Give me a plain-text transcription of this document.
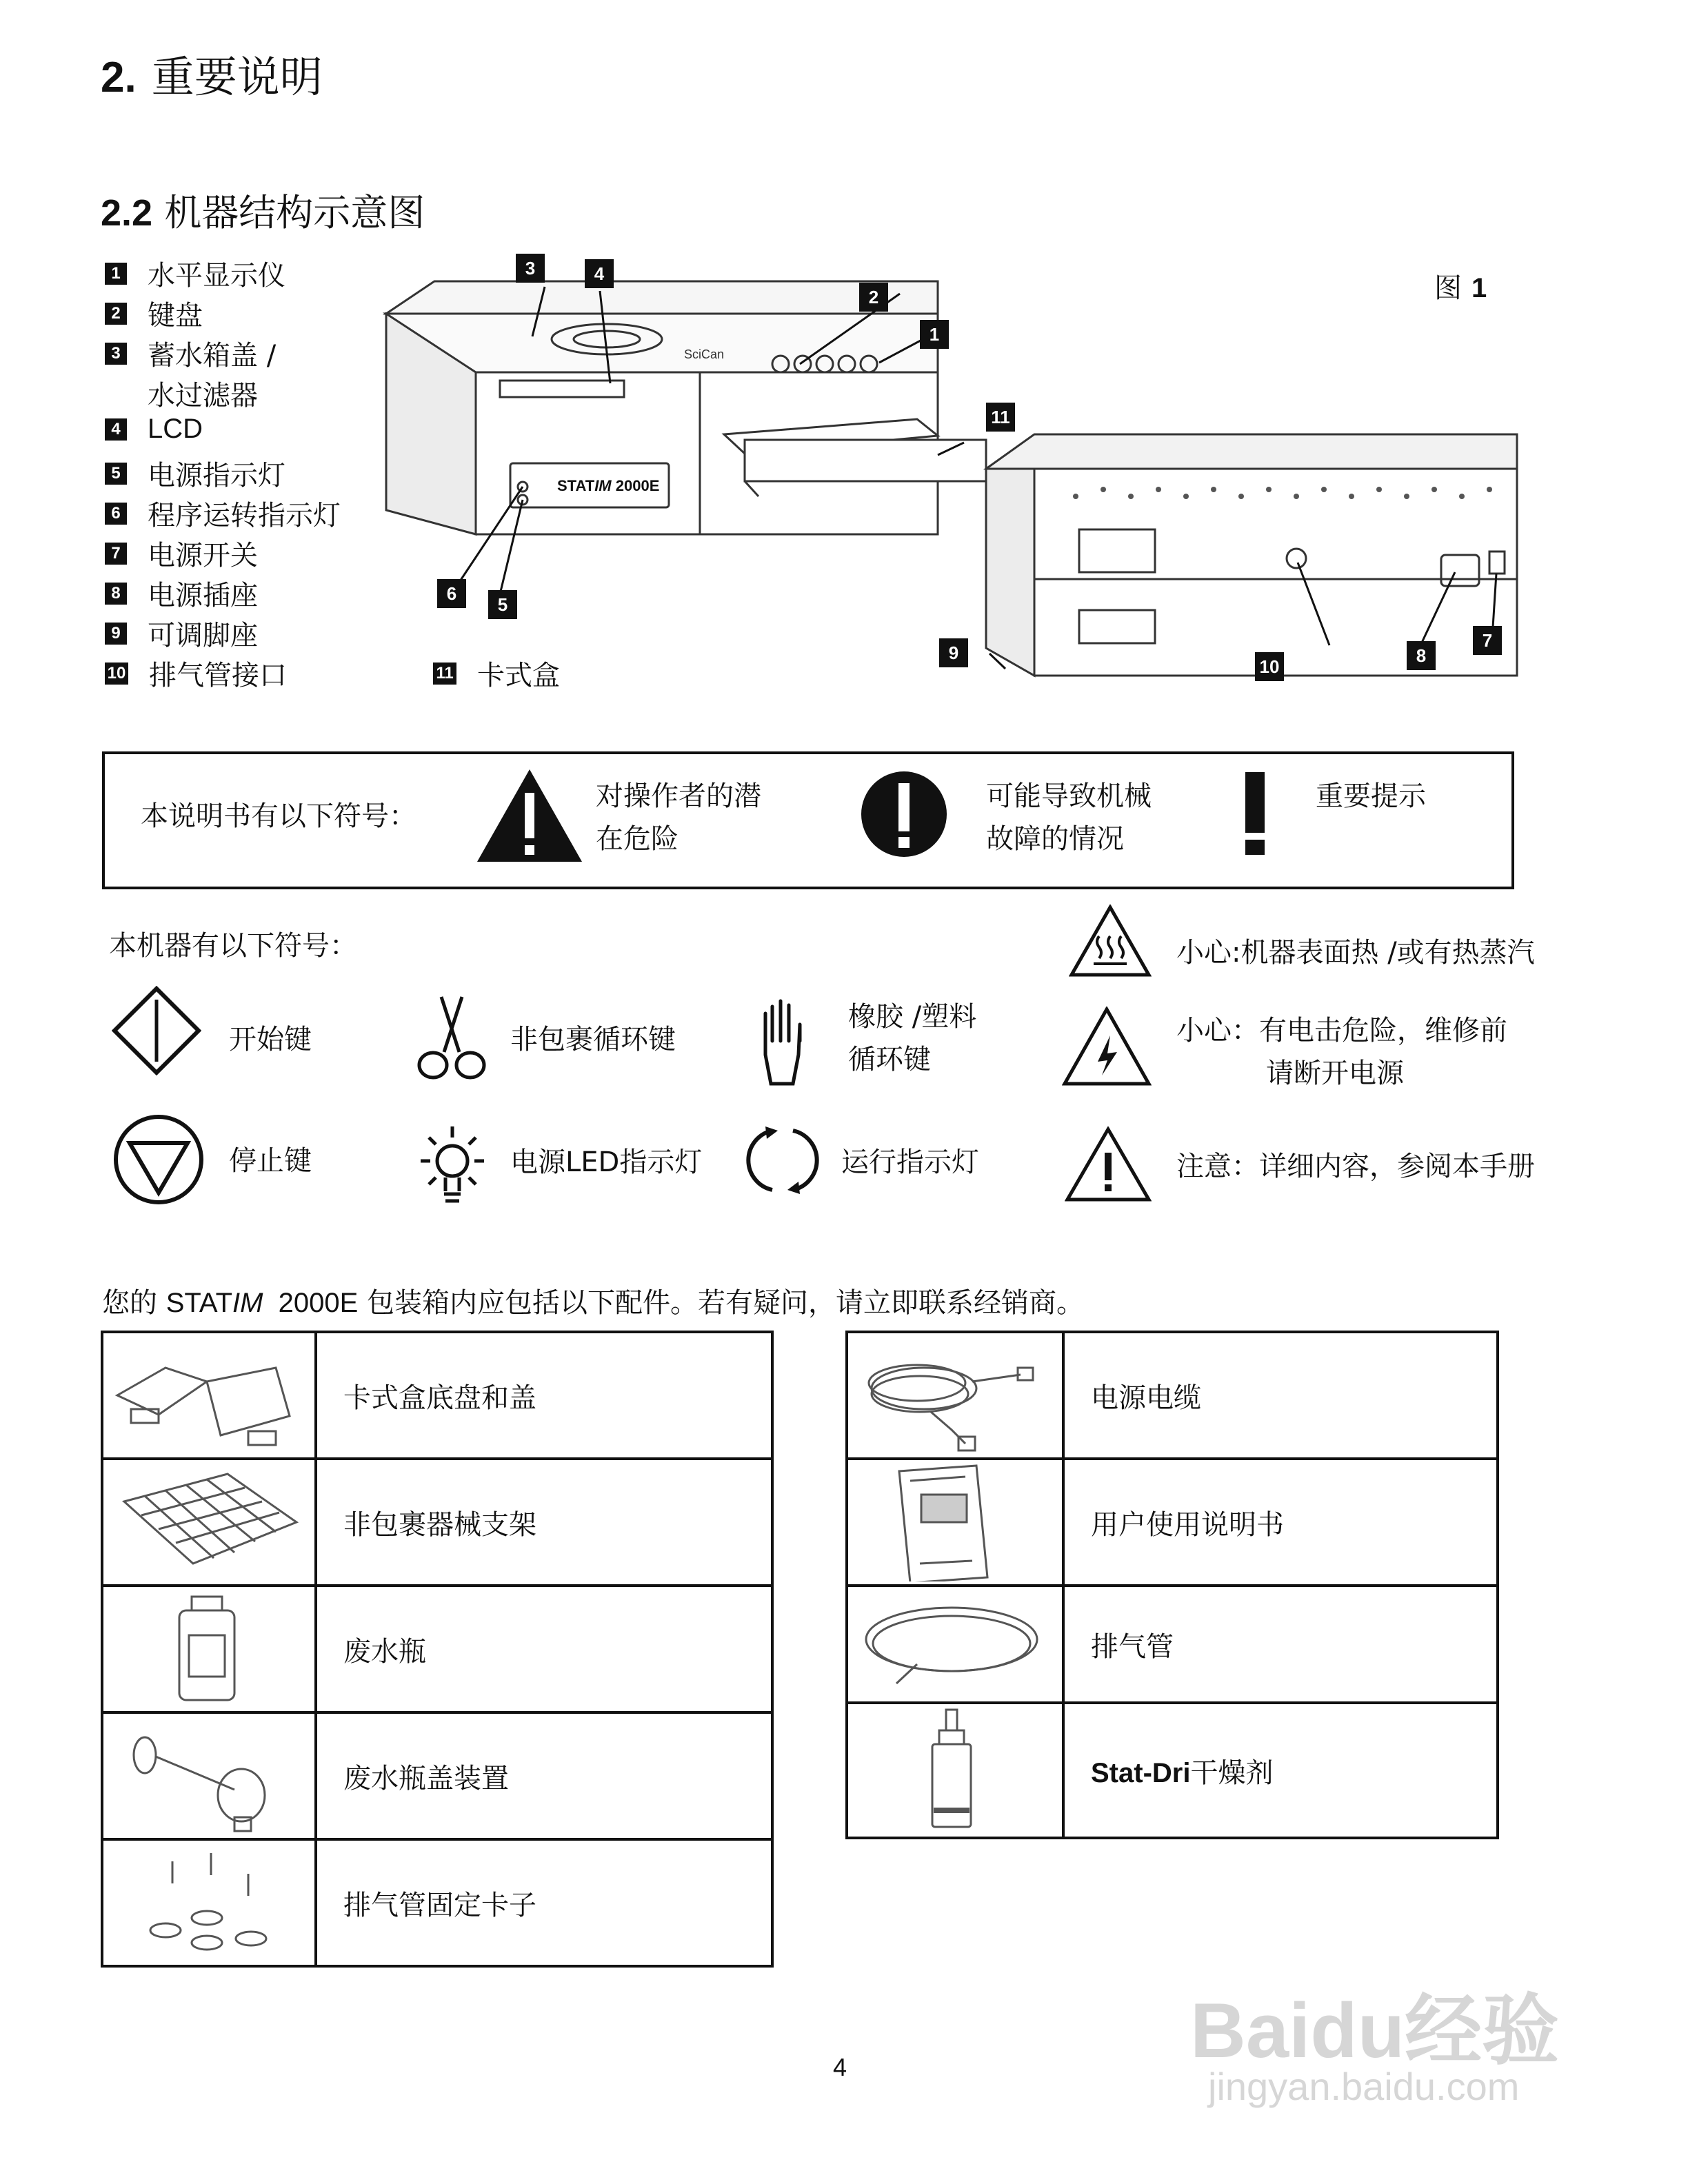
2. 重要说明
2.2 机器结构示意图
1 水平显示仪
2 键盘
3 蓄水箱盖 /
水过滤器
4 LCD
5 电源指示灯
6 程序运转指示灯
7 电源开关
8 电源插座
9 可调脚座
10 排气管接口	11 卡式盒
图 1
SciCan
STATIM 2000E
3	4
2
1
11
6
5
9
10
8
7
本说明书有以下符号：
对操作者的潜
在危险
可能导致机械
故障的情况
重要提示
本机器有以下符号：
开始键	非包裹循环键
橡胶 /塑料
循环键
停止键	电源LED指示灯	运行指示灯
小心:机器表面热 /或有热蒸汽
小心：有电击危险，维修前
请断开电源
注意：详细内容，参阅本手册
您的 STATIM  2000E 包装箱内应包括以下配件。若有疑问，请立即联系经销商。
	卡式盒底盘和盖
	非包裹器械支架
	废水瓶
	废水瓶盖装置
	排气管固定卡子
	电源电缆
	用户使用说明书
	排气管
	Stat-Dri干燥剂
4	Baidu经验
jingyan.baidu.com
